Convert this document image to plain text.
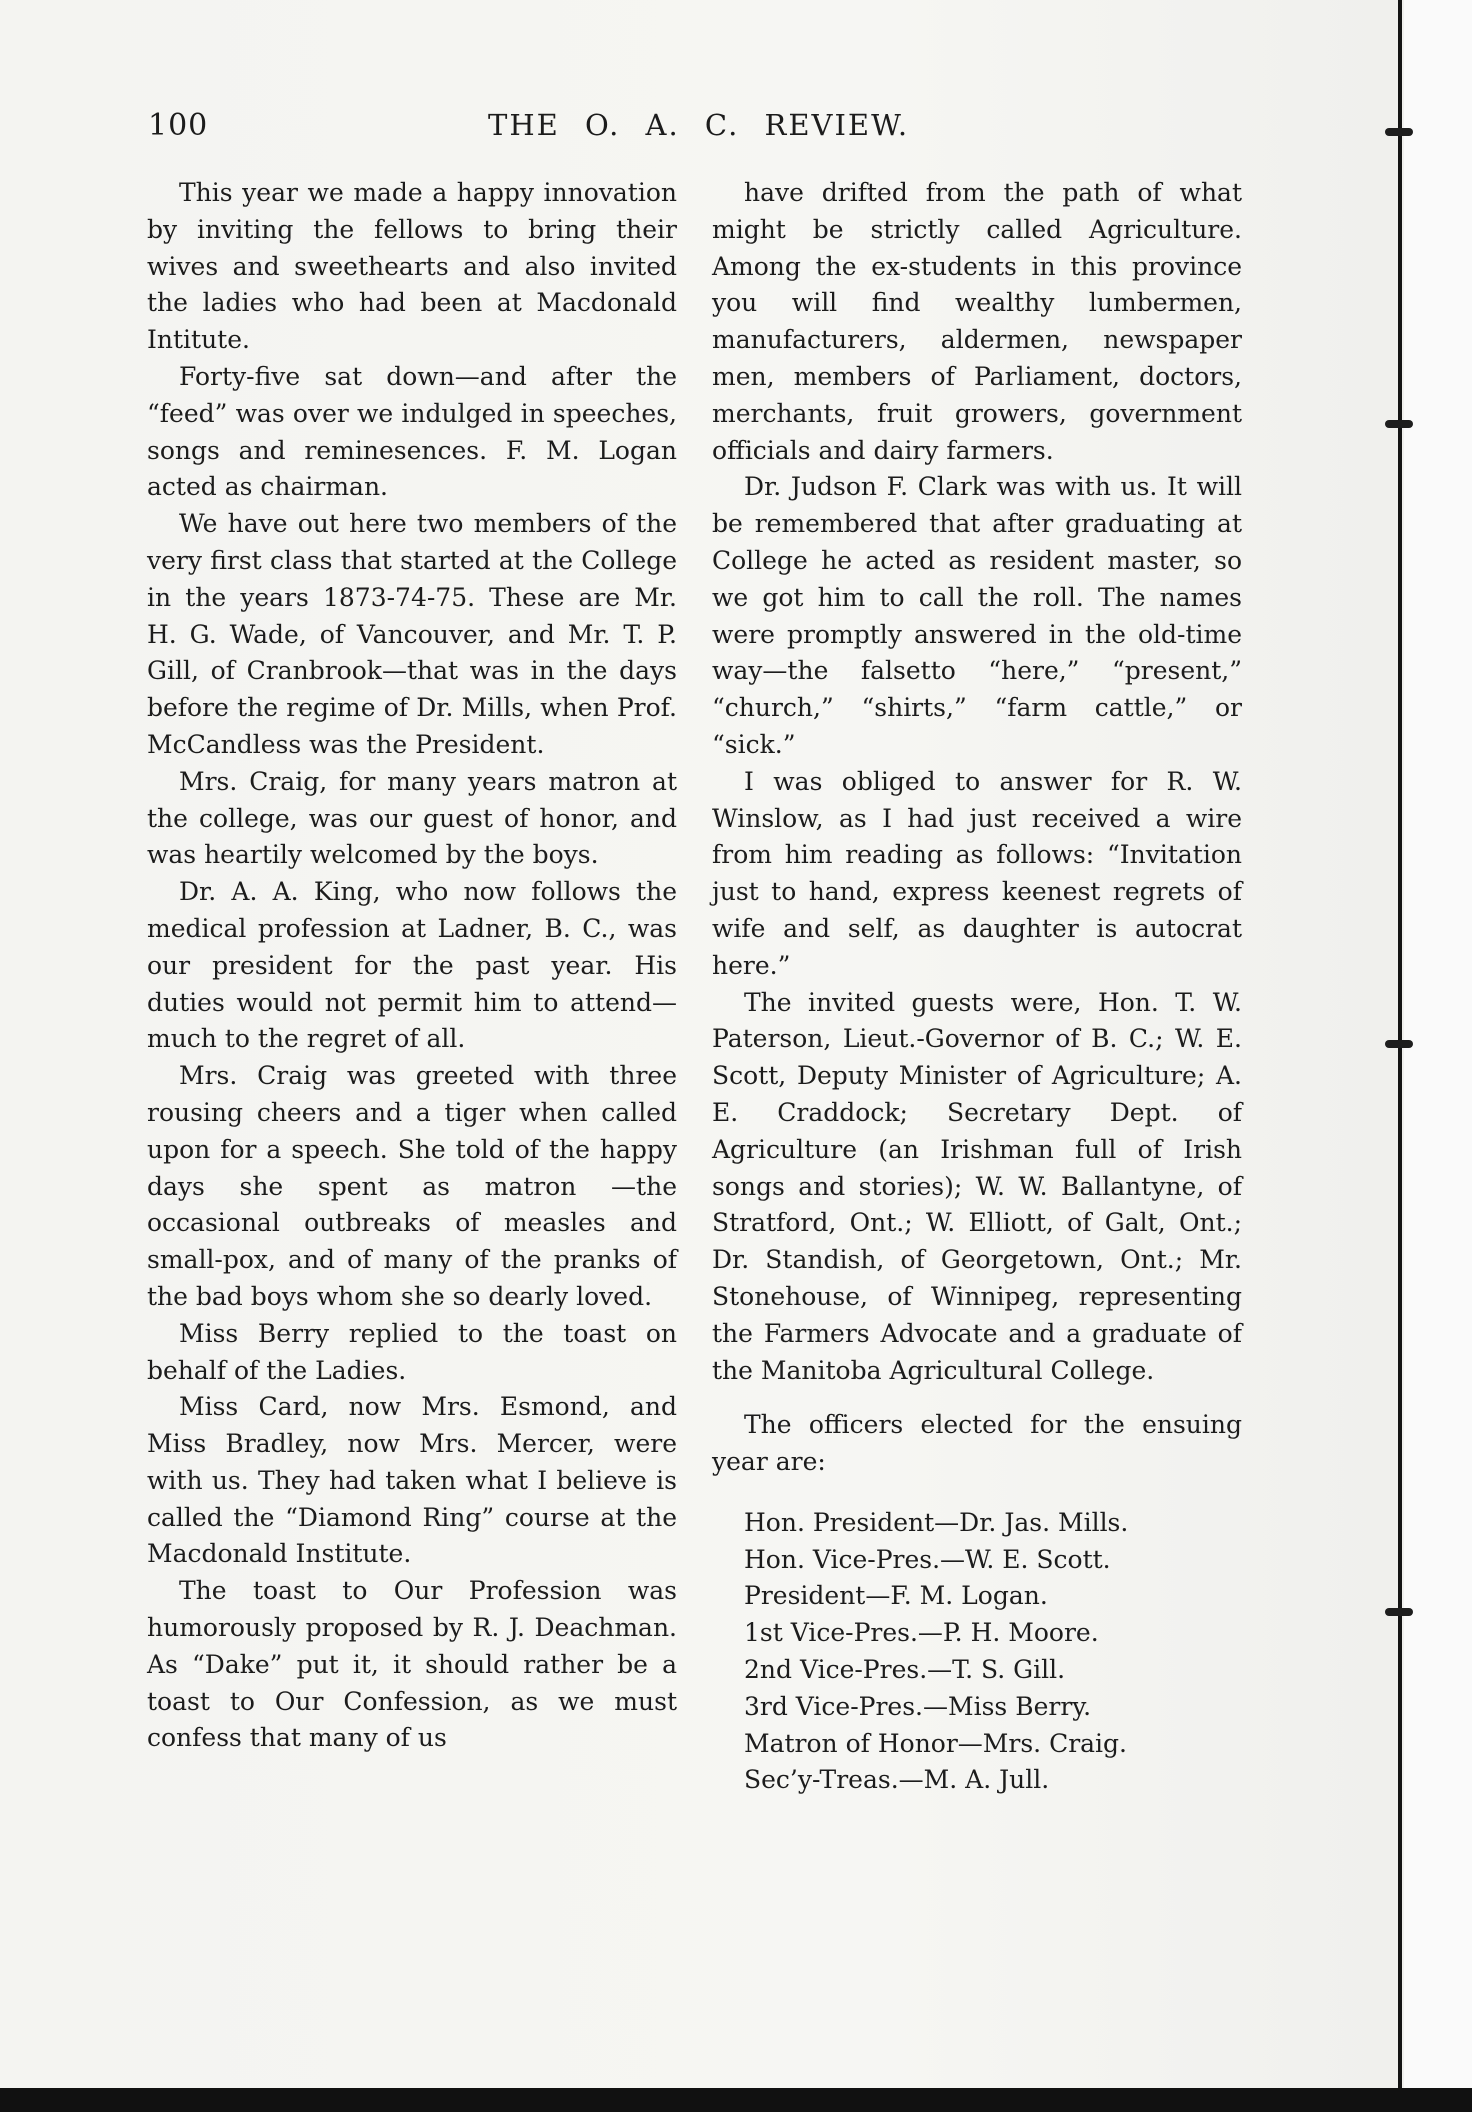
100	THE O. A. C. REVIEW.

This year we made a happy innovation by inviting the fellows to bring their wives and sweethearts and also invited the ladies who had been at Macdonald Intitute.

Forty-five sat down—and after the “feed” was over we indulged in speeches, songs and reminesences. F. M. Logan acted as chairman.

We have out here two members of the very first class that started at the College in the years 1873-74-75. These are Mr. H. G. Wade, of Vancouver, and Mr. T. P. Gill, of Cranbrook—that was in the days before the regime of Dr. Mills, when Prof. McCandless was the President.

Mrs. Craig, for many years matron at the college, was our guest of honor, and was heartily welcomed by the boys.

Dr. A. A. King, who now follows the medical profession at Ladner, B. C., was our president for the past year. His duties would not permit him to attend—much to the regret of all.

Mrs. Craig was greeted with three rousing cheers and a tiger when called upon for a speech. She told of the happy days she spent as matron —the occasional outbreaks of measles and small-pox, and of many of the pranks of the bad boys whom she so dearly loved.

Miss Berry replied to the toast on behalf of the Ladies.

Miss Card, now Mrs. Esmond, and Miss Bradley, now Mrs. Mercer, were with us. They had taken what I believe is called the “Diamond Ring” course at the Macdonald Institute.

The toast to Our Profession was humorously proposed by R. J. Deachman. As “Dake” put it, it should rather be a toast to Our Confession, as we must confess that many of us

have drifted from the path of what might be strictly called Agriculture. Among the ex-students in this province you will find wealthy lumbermen, manufacturers, aldermen, newspaper men, members of Parliament, doctors, merchants, fruit growers, government officials and dairy farmers.

Dr. Judson F. Clark was with us. It will be remembered that after graduating at College he acted as resident master, so we got him to call the roll. The names were promptly answered in the old-time way—the falsetto “here,” “present,” “church,” “shirts,” “farm cattle,” or “sick.”

I was obliged to answer for R. W. Winslow, as I had just received a wire from him reading as follows: “Invitation just to hand, express keenest regrets of wife and self, as daughter is autocrat here.”

The invited guests were, Hon. T. W. Paterson, Lieut.-Governor of B. C.; W. E. Scott, Deputy Minister of Agriculture; A. E. Craddock; Secretary Dept. of Agriculture (an Irishman full of Irish songs and stories); W. W. Ballantyne, of Stratford, Ont.; W. Elliott, of Galt, Ont.; Dr. Standish, of Georgetown, Ont.; Mr. Stonehouse, of Winnipeg, representing the Farmers Advocate and a graduate of the Manitoba Agricultural College.

The officers elected for the ensuing year are:

Hon. President—Dr. Jas. Mills.
Hon. Vice-Pres.—W. E. Scott.
President—F. M. Logan.
1st Vice-Pres.—P. H. Moore.
2nd Vice-Pres.—T. S. Gill.
3rd Vice-Pres.—Miss Berry.
Matron of Honor—Mrs. Craig.
Sec’y-Treas.—M. A. Jull.
